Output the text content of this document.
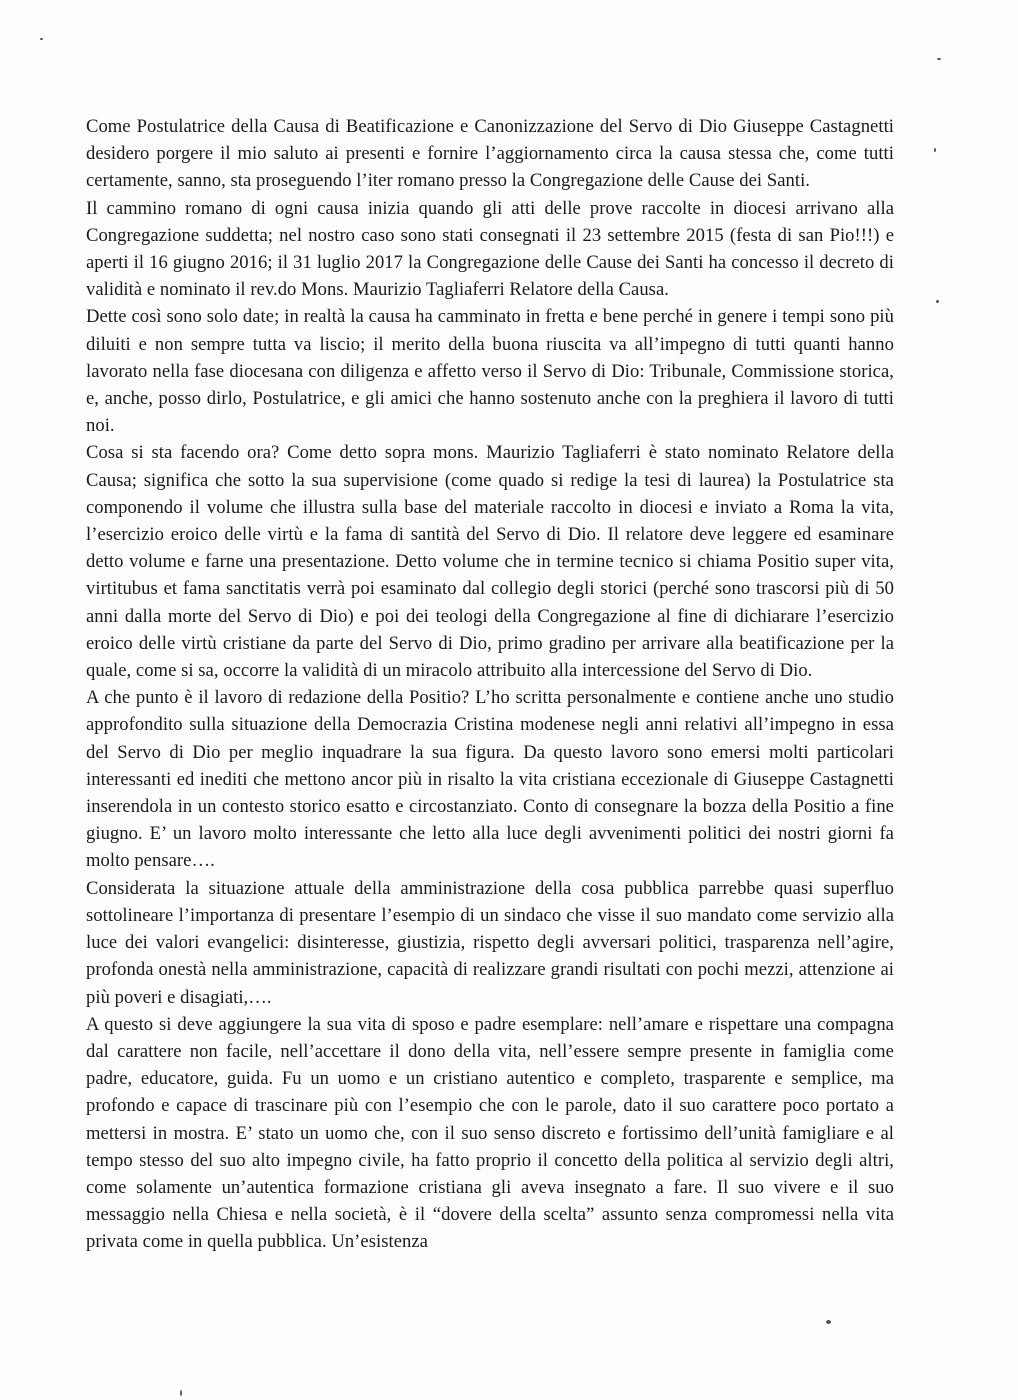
Come Postulatrice della Causa di Beatificazione e Canonizzazione del Servo di Dio Giuseppe Castagnetti desidero porgere il mio saluto ai presenti e fornire l’aggiornamento circa la causa stessa che, come tutti certamente, sanno, sta proseguendo l’iter romano presso la Congregazione delle Cause dei Santi.

Il cammino romano di ogni causa inizia quando gli atti delle prove raccolte in diocesi arrivano alla Congregazione suddetta; nel nostro caso sono stati consegnati il 23 settembre 2015 (festa di san Pio!!!) e aperti il 16 giugno 2016; il 31 luglio 2017 la Congregazione delle Cause dei Santi ha concesso il decreto di validità e nominato il rev.do Mons. Maurizio Tagliaferri Relatore della Causa.

Dette così sono solo date; in realtà la causa ha camminato in fretta e bene perché in genere i tempi sono più diluiti e non sempre tutta va liscio; il merito della buona riuscita va all’impegno di tutti quanti hanno lavorato nella fase diocesana con diligenza e affetto verso il Servo di Dio: Tribunale, Commissione storica, e, anche, posso dirlo, Postulatrice, e gli amici che hanno sostenuto anche con la preghiera il lavoro di tutti noi.

Cosa si sta facendo ora? Come detto sopra mons. Maurizio Tagliaferri è stato nominato Relatore della Causa; significa che sotto la sua supervisione (come quado si redige la tesi di laurea) la Postulatrice sta componendo il volume che illustra sulla base del materiale raccolto in diocesi e inviato a Roma la vita, l’esercizio eroico delle virtù e la fama di santità del Servo di Dio. Il relatore deve leggere ed esaminare detto volume e farne una presentazione. Detto volume che in termine tecnico si chiama Positio super vita, virtitubus et fama sanctitatis verrà poi esaminato dal collegio degli storici (perché sono trascorsi più di 50 anni dalla morte del Servo di Dio) e poi dei teologi della Congregazione al fine di dichiarare l’esercizio eroico delle virtù cristiane da parte del Servo di Dio, primo gradino per arrivare alla beatificazione per la quale, come si sa, occorre la validità di un miracolo attribuito alla intercessione del Servo di Dio.

A che punto è il lavoro di redazione della Positio? L’ho scritta personalmente e contiene anche uno studio approfondito sulla situazione della Democrazia Cristina modenese negli anni relativi all’impegno in essa del Servo di Dio per meglio inquadrare la sua figura. Da questo lavoro sono emersi molti particolari interessanti ed inediti che mettono ancor più in risalto la vita cristiana eccezionale di Giuseppe Castagnetti inserendola in un contesto storico esatto e circostanziato. Conto di consegnare la bozza della Positio a fine giugno. E’ un lavoro molto interessante che letto alla luce degli avvenimenti politici dei nostri giorni fa molto pensare….

Considerata la situazione attuale della amministrazione della cosa pubblica parrebbe quasi superfluo sottolineare l’importanza di presentare l’esempio di un sindaco che visse il suo mandato come servizio alla luce dei valori evangelici: disinteresse, giustizia, rispetto degli avversari politici, trasparenza nell’agire, profonda onestà nella amministrazione, capacità di realizzare grandi risultati con pochi mezzi, attenzione ai più poveri e disagiati,….

A questo si deve aggiungere la sua vita di sposo e padre esemplare: nell’amare e rispettare una compagna dal carattere non facile, nell’accettare il dono della vita, nell’essere sempre presente in famiglia come padre, educatore, guida. Fu un uomo e un cristiano autentico e completo, trasparente e semplice, ma profondo e capace di trascinare più con l’esempio che con le parole, dato il suo carattere poco portato a mettersi in mostra. E’ stato un uomo che, con il suo senso discreto e fortissimo dell’unità famigliare e al tempo stesso del suo alto impegno civile, ha fatto proprio il concetto della politica al servizio degli altri, come solamente un’autentica formazione cristiana gli aveva insegnato a fare. Il suo vivere e il suo messaggio nella Chiesa e nella società, è il “dovere della scelta” assunto senza compromessi nella vita privata come in quella pubblica. Un’esistenza
